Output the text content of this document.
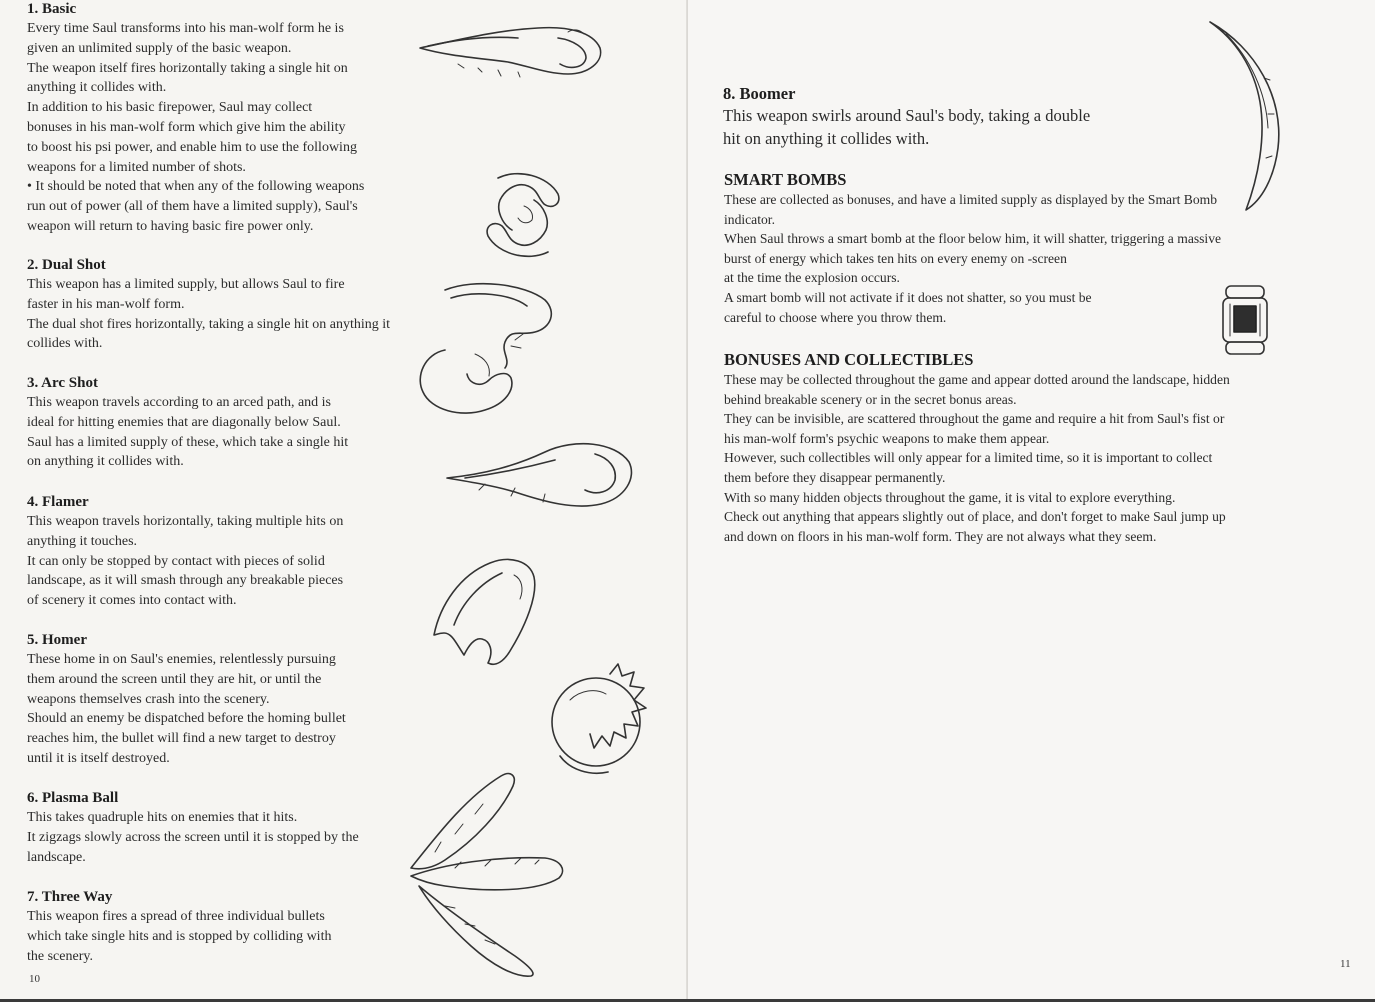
1. Basic
Every time Saul transforms into his man-wolf form he is
given an unlimited supply of the basic weapon.
The weapon itself fires horizontally taking a single hit on
anything it collides with.
In addition to his basic firepower, Saul may collect
bonuses in his man-wolf form which give him the ability
to boost his psi power, and enable him to use the following
weapons for a limited number of shots.
• It should be noted that when any of the following weapons
run out of power (all of them have a limited supply), Saul's
weapon will return to having basic fire power only.
2. Dual Shot
This weapon has a limited supply, but allows Saul to fire
faster in his man-wolf form.
The dual shot fires horizontally, taking a single hit on anything it
collides with.
3. Arc Shot
This weapon travels according to an arced path, and is
ideal for hitting enemies that are diagonally below Saul.
Saul has a limited supply of these, which take a single hit
on anything it collides with.
4. Flamer
This weapon travels horizontally, taking multiple hits on
anything it touches.
It can only be stopped by contact with pieces of solid
landscape, as it will smash through any breakable pieces
of scenery it comes into contact with.
5. Homer
These home in on Saul's enemies, relentlessly pursuing
them around the screen until they are hit, or until the
weapons themselves crash into the scenery.
Should an enemy be dispatched before the homing bullet
reaches him, the bullet will find a new target to destroy
until it is itself destroyed.
6. Plasma Ball
This takes quadruple hits on enemies that it hits.
It zigzags slowly across the screen until it is stopped by the
landscape.
7. Three Way
This weapon fires a spread of three individual bullets
which take single hits and is stopped by colliding with
the scenery.
10
8. Boomer
This weapon swirls around Saul's body, taking a double
hit on anything it collides with.
SMART BOMBS
These are collected as bonuses, and have a limited supply as displayed by the Smart Bomb
indicator.
When Saul throws a smart bomb at the floor below him, it will shatter, triggering a massive
burst of energy which takes ten hits on every enemy on -screen
at the time the explosion occurs.
A smart bomb will not activate if it does not shatter, so you must be
careful to choose where you throw them.
BONUSES AND COLLECTIBLES
These may be collected throughout the game and appear dotted around the landscape, hidden
behind breakable scenery or in the secret bonus areas.
They can be invisible, are scattered throughout the game and require a hit from Saul's fist or
his man-wolf form's psychic weapons to make them appear.
However, such collectibles will only appear for a limited time, so it is important to collect
them before they disappear permanently.
With so many hidden objects throughout the game, it is vital to explore everything.
Check out anything that appears slightly out of place, and don't forget to make Saul jump up
and down on floors in his man-wolf form. They are not always what they seem.
11
